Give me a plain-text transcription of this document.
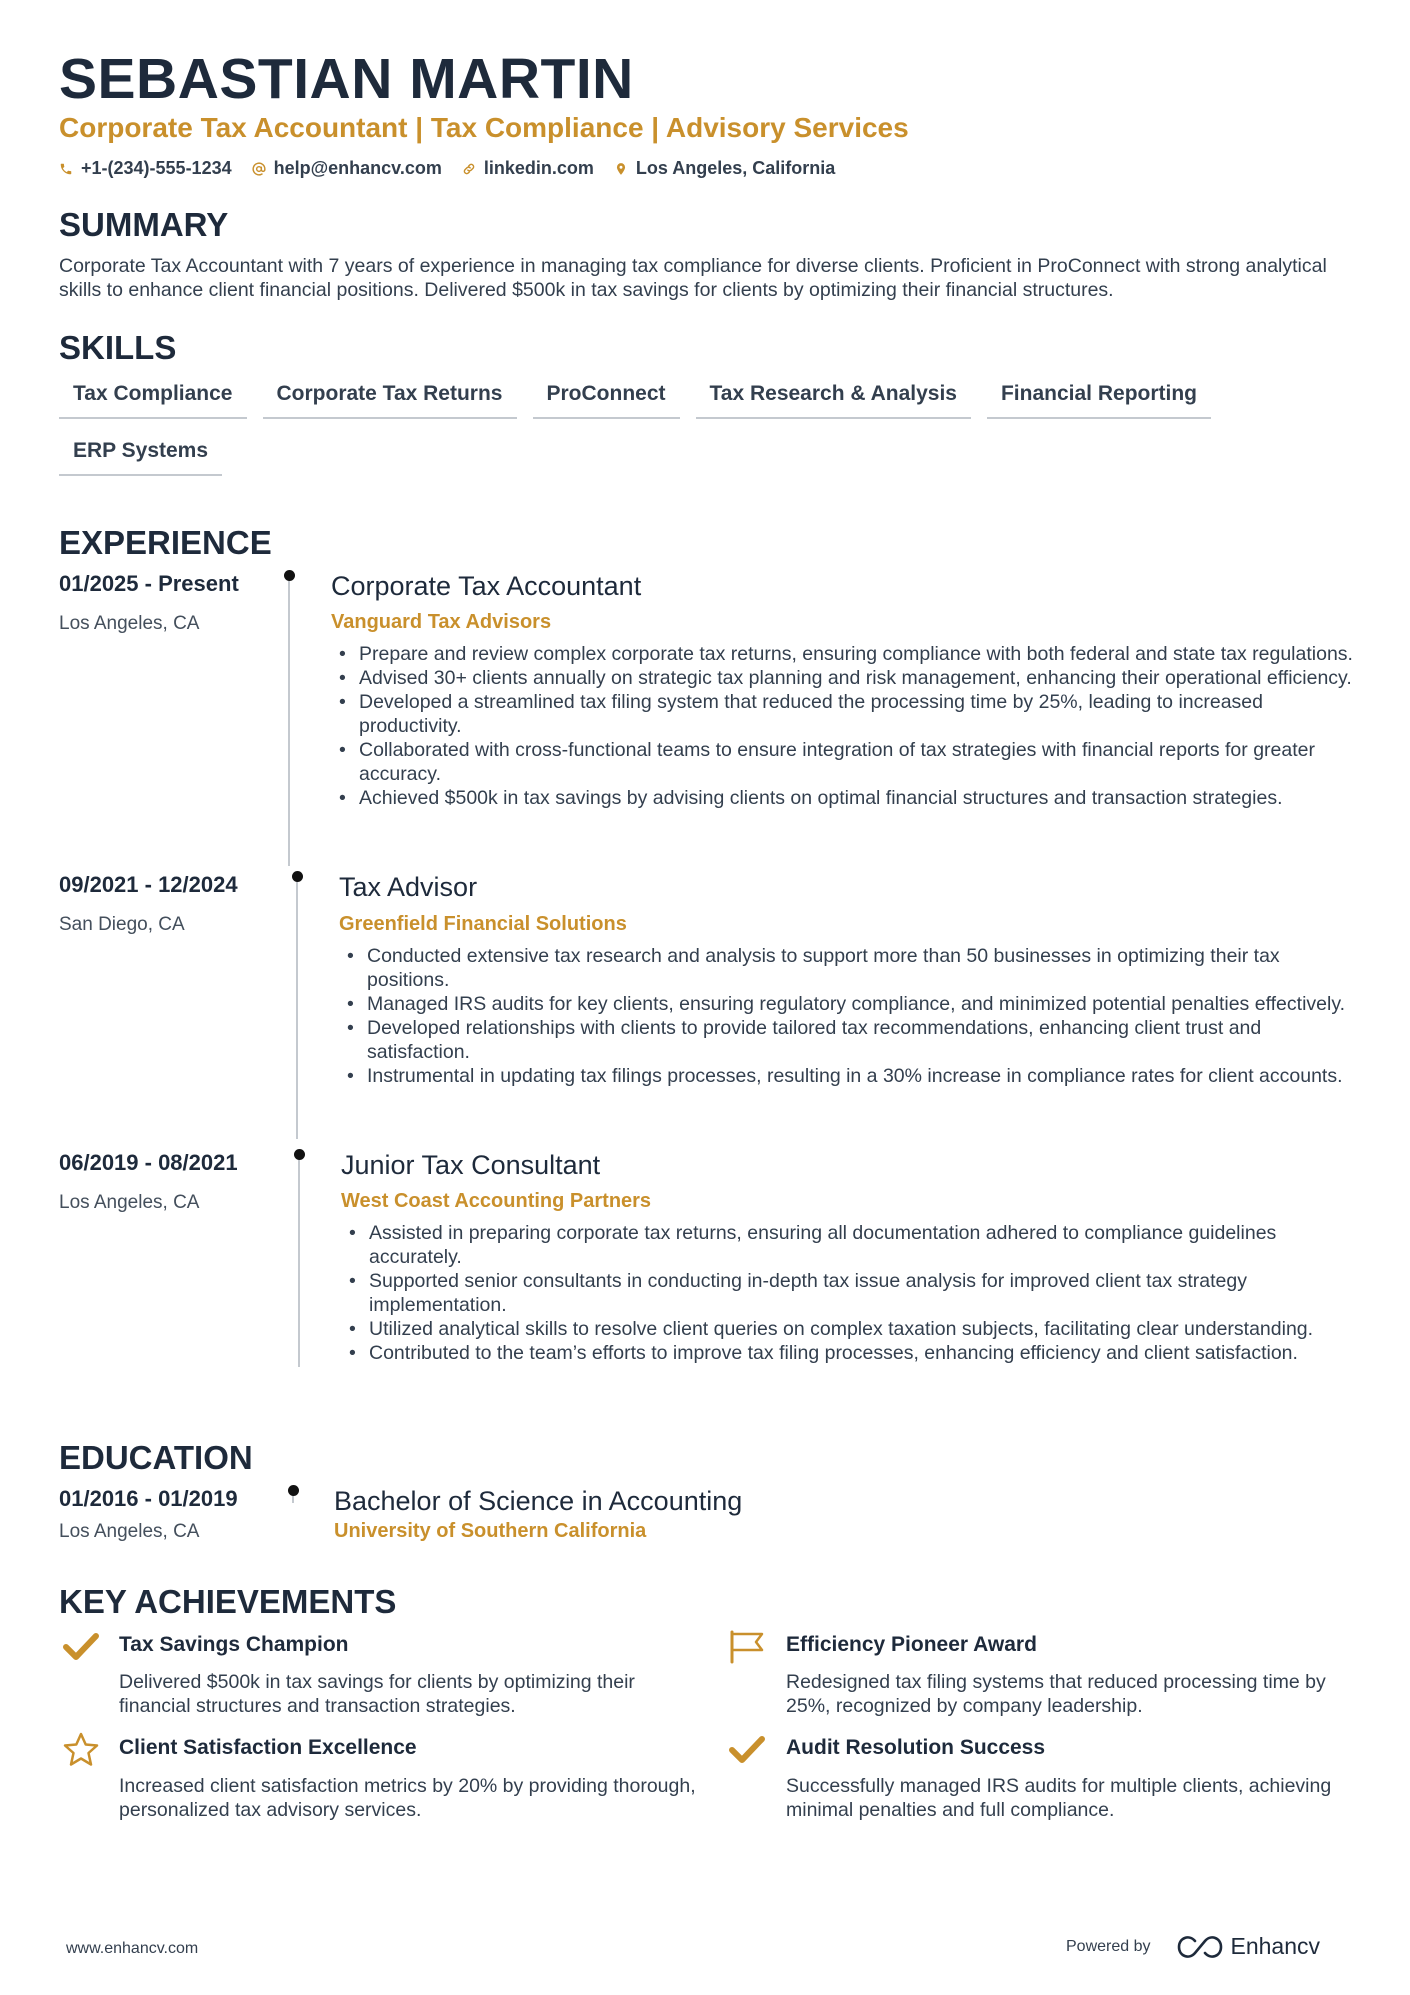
SEBASTIAN MARTIN
Corporate Tax Accountant | Tax Compliance | Advisory Services
+1-(234)-555-1234 help@enhancv.com linkedin.com Los Angeles, California
SUMMARY
Corporate Tax Accountant with 7 years of experience in managing tax compliance for diverse clients. Proficient in ProConnect with strong analytical skills to enhance client financial positions. Delivered $500k in tax savings for clients by optimizing their financial structures.
SKILLS
Tax Compliance	Corporate Tax Returns	ProConnect	Tax Research & Analysis	Financial Reporting
ERP Systems
EXPERIENCE
01/2025 - Present
Los Angeles, CA
Corporate Tax Accountant
Vanguard Tax Advisors
• Prepare and review complex corporate tax returns, ensuring compliance with both federal and state tax regulations.
• Advised 30+ clients annually on strategic tax planning and risk management, enhancing their operational efficiency.
• Developed a streamlined tax filing system that reduced the processing time by 25%, leading to increased productivity.
• Collaborated with cross-functional teams to ensure integration of tax strategies with financial reports for greater accuracy.
• Achieved $500k in tax savings by advising clients on optimal financial structures and transaction strategies.
09/2021 - 12/2024
San Diego, CA
Tax Advisor
Greenfield Financial Solutions
• Conducted extensive tax research and analysis to support more than 50 businesses in optimizing their tax positions.
• Managed IRS audits for key clients, ensuring regulatory compliance, and minimized potential penalties effectively.
• Developed relationships with clients to provide tailored tax recommendations, enhancing client trust and satisfaction.
• Instrumental in updating tax filings processes, resulting in a 30% increase in compliance rates for client accounts.
06/2019 - 08/2021
Los Angeles, CA
Junior Tax Consultant
West Coast Accounting Partners
• Assisted in preparing corporate tax returns, ensuring all documentation adhered to compliance guidelines accurately.
• Supported senior consultants in conducting in-depth tax issue analysis for improved client tax strategy implementation.
• Utilized analytical skills to resolve client queries on complex taxation subjects, facilitating clear understanding.
• Contributed to the team’s efforts to improve tax filing processes, enhancing efficiency and client satisfaction.
EDUCATION
01/2016 - 01/2019
Los Angeles, CA
Bachelor of Science in Accounting
University of Southern California
KEY ACHIEVEMENTS
Tax Savings Champion
Delivered $500k in tax savings for clients by optimizing their financial structures and transaction strategies.
Efficiency Pioneer Award
Redesigned tax filing systems that reduced processing time by 25%, recognized by company leadership.
Client Satisfaction Excellence
Increased client satisfaction metrics by 20% by providing thorough, personalized tax advisory services.
Audit Resolution Success
Successfully managed IRS audits for multiple clients, achieving minimal penalties and full compliance.
www.enhancv.com	Powered by	Enhancv
